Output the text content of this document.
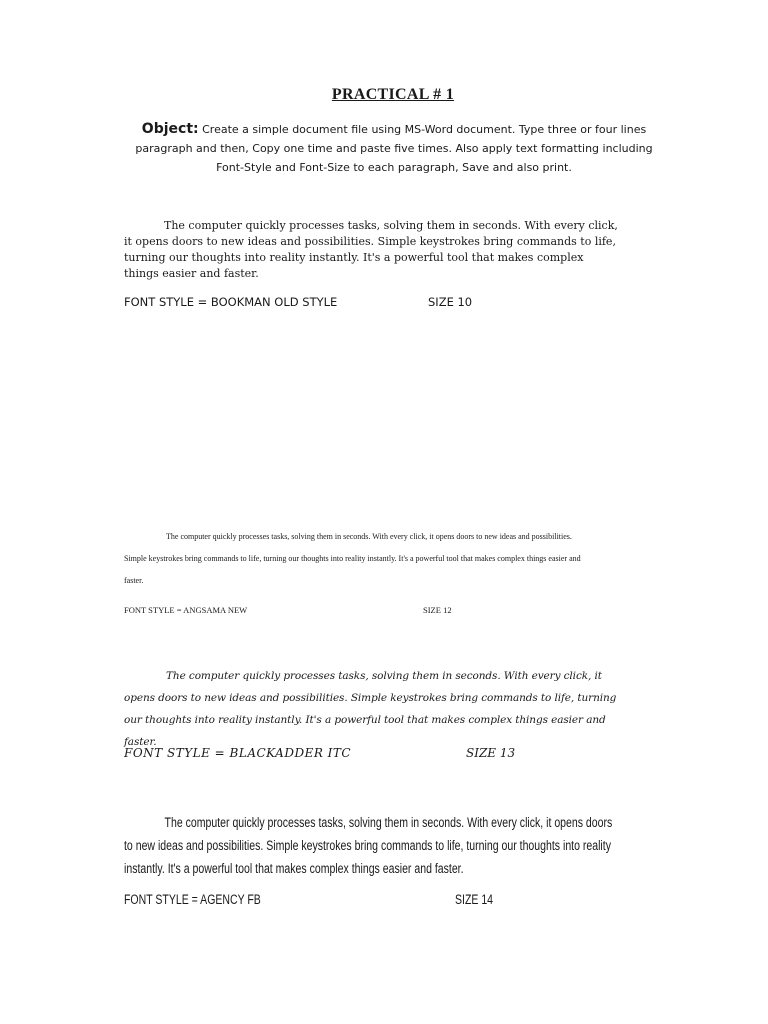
PRACTICAL # 1
Object: Create a simple document file using MS-Word document. Type three or four lines paragraph and then, Copy one time and paste five times. Also apply text formatting including Font-Style and Font-Size to each paragraph, Save and also print.
The computer quickly processes tasks, solving them in seconds. With every click, it opens doors to new ideas and possibilities. Simple keystrokes bring commands to life, turning our thoughts into reality instantly. It's a powerful tool that makes complex things easier and faster.
FONT STYLE = BOOKMAN OLD STYLE	SIZE 10
The computer quickly processes tasks, solving them in seconds. With every click, it opens doors to new ideas and possibilities. Simple keystrokes bring commands to life, turning our thoughts into reality instantly. It's a powerful tool that makes complex things easier and faster.
FONT STYLE = ANGSAMA NEW	SIZE 12
The computer quickly processes tasks, solving them in seconds. With every click, it opens doors to new ideas and possibilities. Simple keystrokes bring commands to life, turning our thoughts into reality instantly. It's a powerful tool that makes complex things easier and faster.
FONT STYLE = BLACKADDER ITC	SIZE 13
The computer quickly processes tasks, solving them in seconds. With every click, it opens doors to new ideas and possibilities. Simple keystrokes bring commands to life, turning our thoughts into reality instantly. It's a powerful tool that makes complex things easier and faster.
FONT STYLE = AGENCY FB	SIZE 14
